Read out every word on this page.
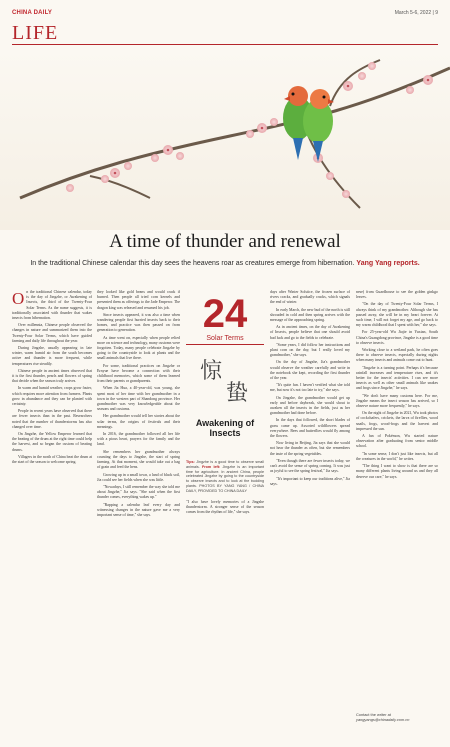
CHINA DAILY	March 5-6, 2022 | 9
LIFE
A time of thunder and renewal
In the traditional Chinese calendar this day sees the heavens roar as creatures emerge from hibernation. Yang Yang reports.

On the traditional Chinese calendar, today is the day of Jingzhe, or Awakening of Insects, the third of the Twenty-Four Solar Terms. As the name suggests, it is traditionally associated with thunder that wakes insects from hibernation.

Over millennia, Chinese people observed the changes in nature and summarized them into the Twenty-Four Solar Terms, which have guided farming and daily life throughout the year.

During Jingzhe, usually appearing in late winter, warm humid air from the south becomes active and thunder is more frequent, while temperatures rise steadily.

Chinese people in ancient times observed that it is the first thunder, pearls and flowers of spring that decide when the season truly arrives.

In warm and humid weather, crops grow faster, which requires more attention from farmers. Plants grow in abundance and they can be planted with certainty.

People in recent years have observed that there are fewer insects than in the past. Researchers noted that the number of thunderstorms has also changed over time.

On Jingzhe, the Yellow Emperor learned that the beating of the drum at the right time could help the harvest, and so began the custom of beating drums.

Villagers in the north of China beat the drum at the start of the season to welcome spring.

they looked like gold beans and would crack if burned. Then people all tried corn kernels and presented them as offerings to the Jade Emperor. The dragon king was released and resumed his job.

Since insects appeared, it was also a time when wandering people first hurried insects back to their homes, and practice was then passed on from generation to generation.

As time went on, especially when people relied more on science and technology, many customs were forgotten. Today, many people celebrate Jingzhe by going to the countryside to look at plants and the small animals that live there.

For some, traditional practices on Jingzhe or Ernyue have become a connection with their childhood memories, which some of them learned from their parents or grandparents.

When Jia Hua, a 40-year-old, was young, she spent most of her time with her grandmother in a town in the western part of Shandong province. Her grandmother was very knowledgeable about the seasons and customs.

Her grandmother would tell her stories about the solar terms, the origins of festivals and their meanings.

In 2016, the grandmother followed all her life with a pious heart, prayers for the family and the land.

She remembers her grandmother always counting the days to Jingzhe, the start of spring farming. At that moment, she would take out a bag of grain and feed the hens.

Growing up in a small town, a land of black soil, Jia could see her fields when she was little.

"Nowadays, I still remember the way she told me about Jingzhe," Jia says. "She said when the first thunder comes, everything wakes up."

"Rapping a calendar leaf every day and witnessing changes in the nature gave me a very important sense of time," she says.

24
Solar Terms
惊
蛰
Awakening of Insects
Tips: Jingzhe is a good time to observe small animals. From left: Jingzhe is an important time for agriculture. In ancient China, people celebrated Jingzhe by going to the countryside to observe insects and to look at the budding plants. PHOTOS BY YANG YANG / CHINA DAILY, PROVIDED TO CHINA DAILY

"I also have lovely memories of a Jingzhe thunderstorm. A stronger sense of the season comes from the rhythm of life," she says.

days after Winter Solstice, the frozen surface of rivers cracks, and gradually cracks, which signals the end of winter.

In early March, the new bud of the north is still shrouded in cold and then spring arrives with the message of the approaching spring.

As in ancient times, on the day of Awakening of Insects, people believe that one should avoid bad luck and go to the fields to celebrate.

"Some years, I did follow her instructions and plant corn on the day, but I really loved my grandmother," she says.

On the day of Jingzhe, Jia's grandmother would observe the weather carefully and write in the notebook she kept, recording the first thunder of the year.

"It's quite fun. I haven't verified what she told me, but now it's not too late to try," she says.

On Jingzhe, the grandmother would get up early and before daybreak, she would shout to awaken all the insects in the fields, just as her grandmother had done before.

In the days that followed, the short blades of grass came up. Assorted wildflowers spread everywhere. Bees and butterflies would fly among the flowers.

Now living in Beijing, Jia says that she would not hear the thunder as often, but she remembers the taste of the spring vegetables.

"Even though there are fewer insects today, we can't avoid the sense of spring coming. It was just as joyful to see the spring festival," Jia says.

"It's important to keep our traditions alive," Jia says.

nese) from Guardhouse to see the golden ginkgo leaves.

"On the day of Twenty-Four Solar Terms, I always think of my grandmother. Although she has passed away, she will be in my heart forever. At such time, I will not forget my age, and go back to my warm childhood that I spent with her," she says.

For 25-year-old Wu Jiajie in Yuxian, South China's Guangdong province, Jingzhe is a good time to observe insects.

Working close to a wetland park, he often goes there to observe insects, especially during nights when many insects and animals come out to hunt.

"Jingzhe is a turning point. Perhaps it's because rainfall increases and temperature rises, and it's better for the insects' activities. I can see more insects as well as other small animals like snakes and frogs since Jingzhe," he says.

"We don't have many customs here. For me, Jingzhe means the insect season has arrived, so I observe nature more frequently," he says.

On the night of Jingzhe in 2021, Wu took photos of cockchafers, crickets, the larva of fireflies, wood snails, frogs, wood-frogs and the harvest and impressed the sun.

A fan of Pokémon, Wu started nature observation after graduating from senior middle school.

"In some sense, I don't just like insects, but all the creatures in the world," he writes.

"The thing I want to show is that there are so many different plants living around us and they all deserve our care," he says.

Contact the writer at
yangyangs@chinadaily.com.cn
